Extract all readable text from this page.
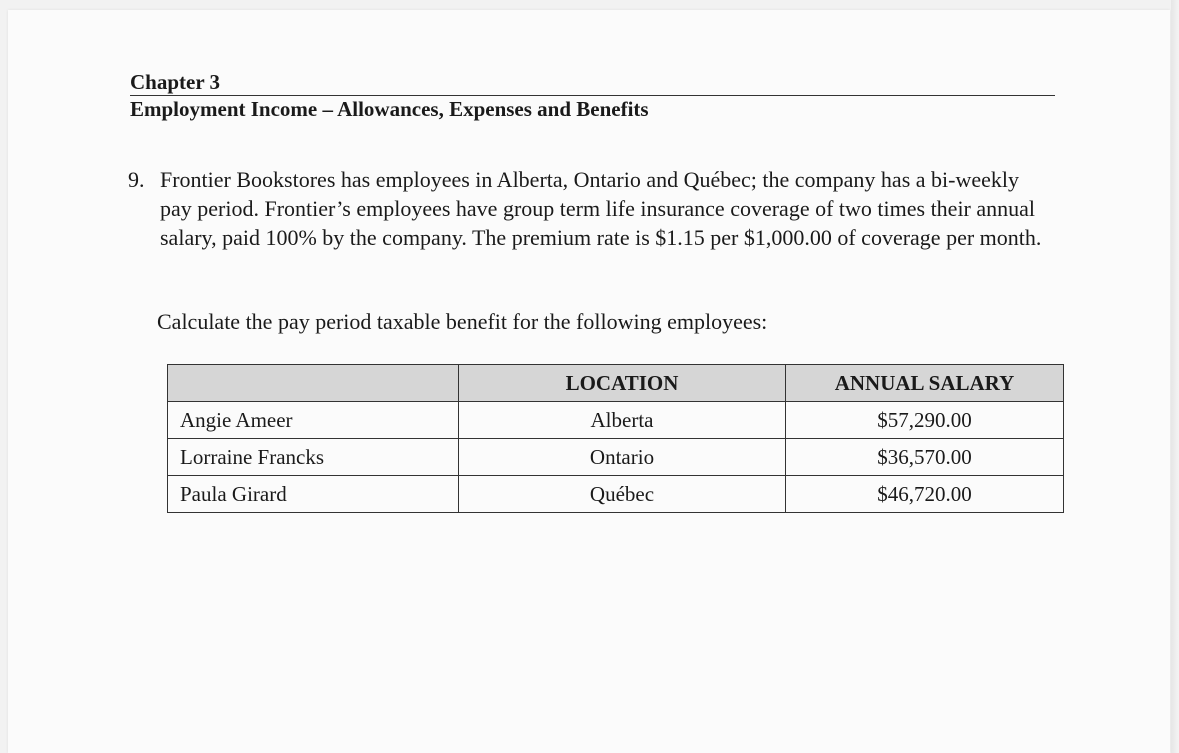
Chapter 3
Employment Income – Allowances, Expenses and Benefits
9. Frontier Bookstores has employees in Alberta, Ontario and Québec; the company has a bi-weekly pay period. Frontier’s employees have group term life insurance coverage of two times their annual salary, paid 100% by the company. The premium rate is $1.15 per $1,000.00 of coverage per month.
Calculate the pay period taxable benefit for the following employees:
	LOCATION	ANNUAL SALARY
Angie Ameer	Alberta	$57,290.00
Lorraine Francks	Ontario	$36,570.00
Paula Girard	Québec	$46,720.00
